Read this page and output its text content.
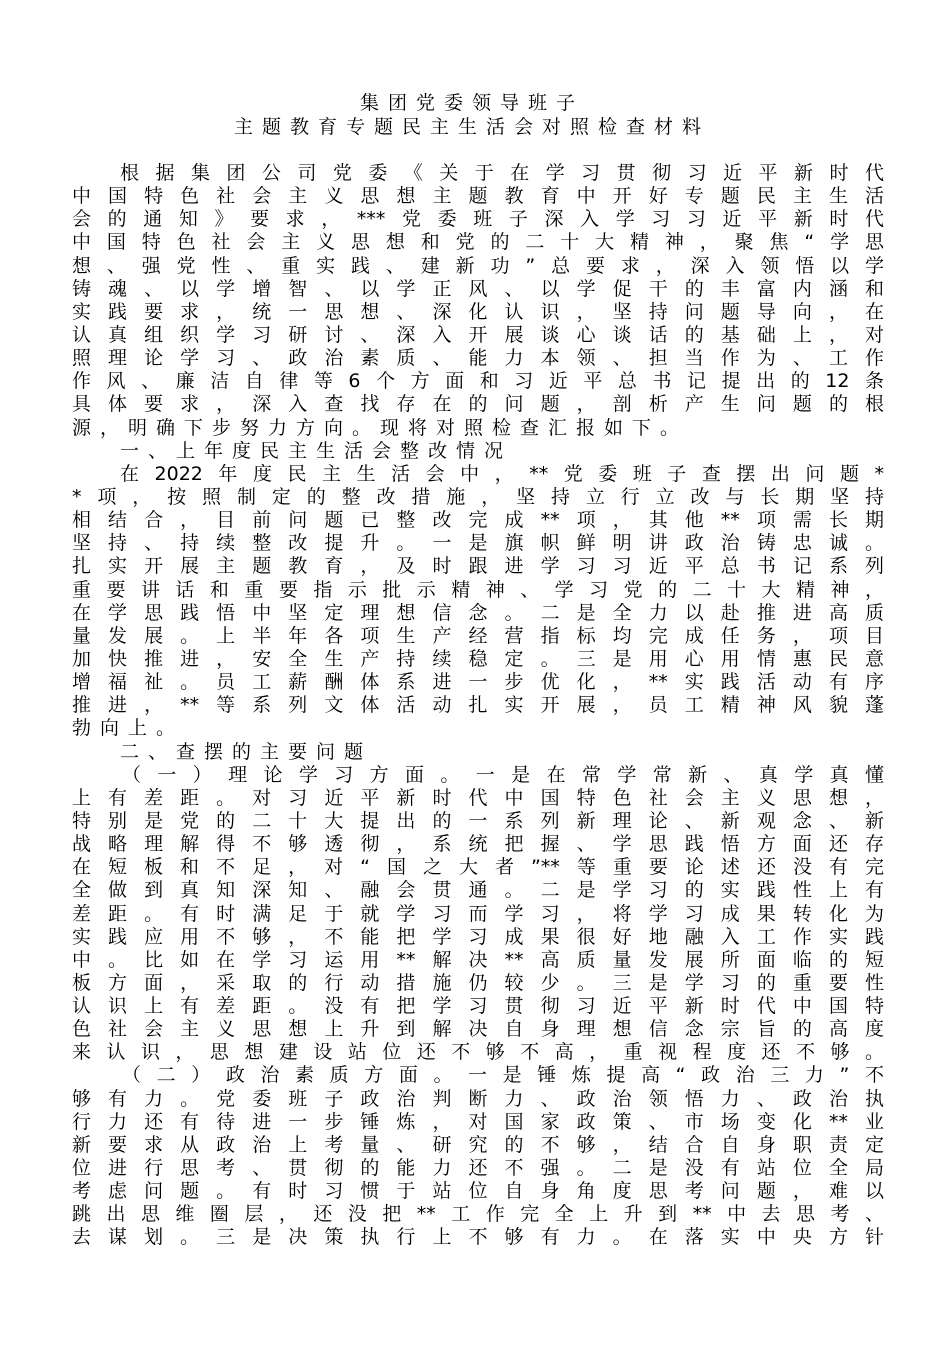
集团党委领导班子
主题教育专题民主生活会对照检查材料
根据集团公司党委《关于在学习贯彻习近平新时代
中国特色社会主义思想主题教育中开好专题民主生活
会的通知》要求，***党委班子深入学习习近平新时代
中国特色社会主义思想和党的二十大精神，聚焦“学思
想、强党性、重实践、建新功”总要求，深入领悟以学
铸魂、以学增智、以学正风、以学促干的丰富内涵和
实践要求，统一思想、深化认识，坚持问题导向，在
认真组织学习研讨、深入开展谈心谈话的基础上，对
照理论学习、政治素质、能力本领、担当作为、工作
作风、廉洁自律等6个方面和习近平总书记提出的12条
具体要求，深入查找存在的问题，剖析产生问题的根
源，明确下步努力方向。现将对照检查汇报如下。
一、上年度民主生活会整改情况
在2022年度民主生活会中，**党委班子查摆出问题*
*项，按照制定的整改措施，坚持立行立改与长期坚持
相结合，目前问题已整改完成**项，其他**项需长期
坚持、持续整改提升。一是旗帜鲜明讲政治铸忠诚。
扎实开展主题教育，及时跟进学习习近平总书记系列
重要讲话和重要指示批示精神、学习党的二十大精神，
在学思践悟中坚定理想信念。二是全力以赴推进高质
量发展。上半年各项生产经营指标均完成任务，项目
加快推进，安全生产持续稳定。三是用心用情惠民意
增福祉。员工薪酬体系进一步优化，**实践活动有序
推进，**等系列文体活动扎实开展，员工精神风貌蓬
勃向上。
二、查摆的主要问题
（一）理论学习方面。一是在常学常新、真学真懂
上有差距。对习近平新时代中国特色社会主义思想，
特别是党的二十大提出的一系列新理论、新观念、新
战略理解得不够透彻，系统把握、学思践悟方面还存
在短板和不足，对“国之大者”**等重要论述还没有完
全做到真知深知、融会贯通。二是学习的实践性上有
差距。有时满足于就学习而学习，将学习成果转化为
实践应用不够，不能把学习成果很好地融入工作实践
中。比如在学习运用**解决**高质量发展所面临的短
板方面，采取的行动措施仍较少。三是学习的重要性
认识上有差距。没有把学习贯彻习近平新时代中国特
色社会主义思想上升到解决自身理想信念宗旨的高度
来认识，思想建设站位还不够不高，重视程度还不够。
（二）政治素质方面。一是锤炼提高“政治三力”不
够有力。党委班子政治判断力、政治领悟力、政治执
行力还有待进一步锤炼，对国家政策、市场变化**业
新要求从政治上考量、研究的不够，结合自身职责定
位进行思考、贯彻的能力还不强。二是没有站位全局
考虑问题。有时习惯于站位自身角度思考问题，难以
跳出思维圈层，还没把**工作完全上升到**中去思考、
去谋划。三是决策执行上不够有力。在落实中央方针
